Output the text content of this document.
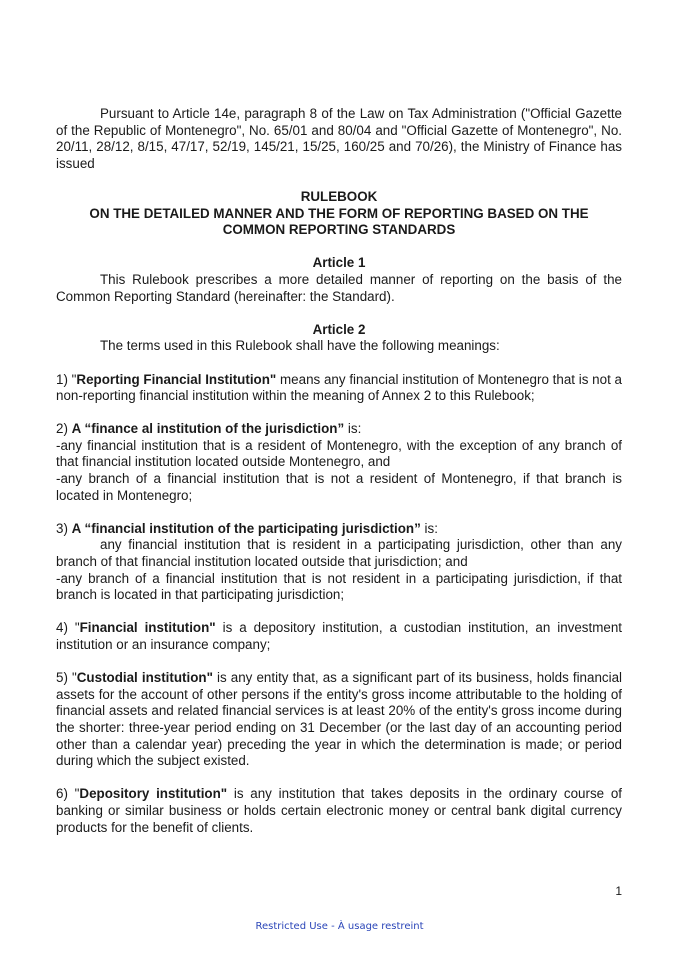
Pursuant to Article 14e, paragraph 8 of the Law on Tax Administration ("Official Gazette of the Republic of Montenegro", No. 65/01 and 80/04 and "Official Gazette of Montenegro", No. 20/11, 28/12, 8/15, 47/17, 52/19, 145/21, 15/25, 160/25 and 70/26), the Ministry of Finance has issued

RULEBOOK

ON THE DETAILED MANNER AND THE FORM OF REPORTING BASED ON THE COMMON REPORTING STANDARDS

Article 1

This Rulebook prescribes a more detailed manner of reporting on the basis of the Common Reporting Standard (hereinafter: the Standard).

Article 2

The terms used in this Rulebook shall have the following meanings:

1) "Reporting Financial Institution" means any financial institution of Montenegro that is not a non-reporting financial institution within the meaning of Annex 2 to this Rulebook;

2) A “finance al institution of the jurisdiction” is:

-any financial institution that is a resident of Montenegro, with the exception of any branch of that financial institution located outside Montenegro, and

-any branch of a financial institution that is not a resident of Montenegro, if that branch is located in Montenegro;

3) A “financial institution of the participating jurisdiction” is:

any financial institution that is resident in a participating jurisdiction, other than any branch of that financial institution located outside that jurisdiction; and

-any branch of a financial institution that is not resident in a participating jurisdiction, if that branch is located in that participating jurisdiction;

4) "Financial institution" is a depository institution, a custodian institution, an investment institution or an insurance company;

5) "Custodial institution" is any entity that, as a significant part of its business, holds financial assets for the account of other persons if the entity's gross income attributable to the holding of financial assets and related financial services is at least 20% of the entity's gross income during the shorter: three-year period ending on 31 December (or the last day of an accounting period other than a calendar year) preceding the year in which the determination is made; or period during which the subject existed.

6) "Depository institution" is any institution that takes deposits in the ordinary course of banking or similar business or holds certain electronic money or central bank digital currency products for the benefit of clients.

1
Restricted Use - À usage restreint
